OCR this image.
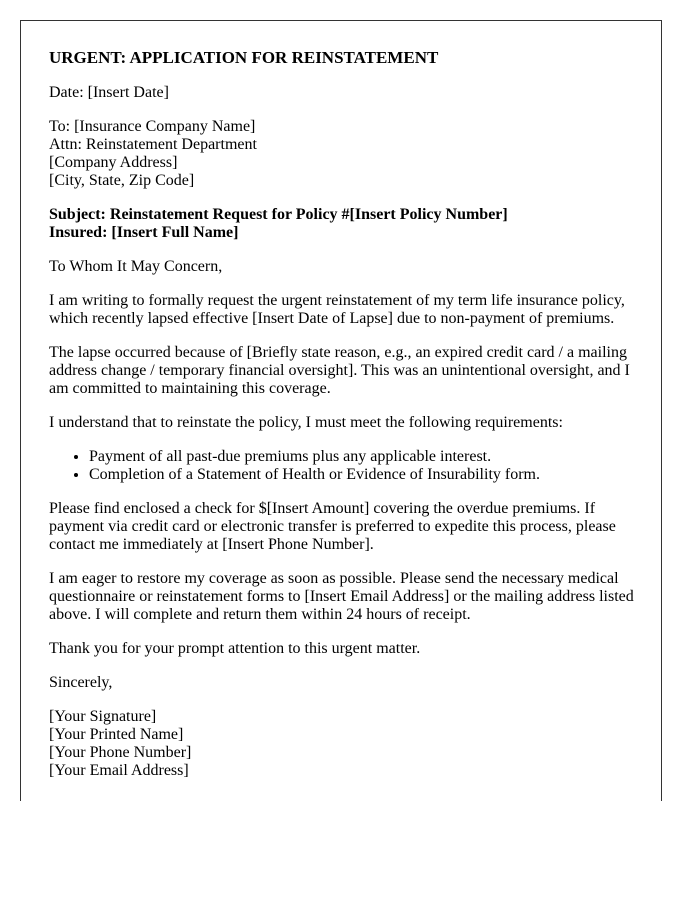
URGENT: APPLICATION FOR REINSTATEMENT

Date: [Insert Date]

To: [Insurance Company Name]
Attn: Reinstatement Department
[Company Address]
[City, State, Zip Code]

Subject: Reinstatement Request for Policy #[Insert Policy Number]
Insured: [Insert Full Name]

To Whom It May Concern,

I am writing to formally request the urgent reinstatement of my term life insurance policy, which recently lapsed effective [Insert Date of Lapse] due to non-payment of premiums.

The lapse occurred because of [Briefly state reason, e.g., an expired credit card / a mailing address change / temporary financial oversight]. This was an unintentional oversight, and I am committed to maintaining this coverage.

I understand that to reinstate the policy, I must meet the following requirements:

• Payment of all past-due premiums plus any applicable interest.
• Completion of a Statement of Health or Evidence of Insurability form.

Please find enclosed a check for $[Insert Amount] covering the overdue premiums. If payment via credit card or electronic transfer is preferred to expedite this process, please contact me immediately at [Insert Phone Number].

I am eager to restore my coverage as soon as possible. Please send the necessary medical questionnaire or reinstatement forms to [Insert Email Address] or the mailing address listed above. I will complete and return them within 24 hours of receipt.

Thank you for your prompt attention to this urgent matter.

Sincerely,

[Your Signature]
[Your Printed Name]
[Your Phone Number]
[Your Email Address]
